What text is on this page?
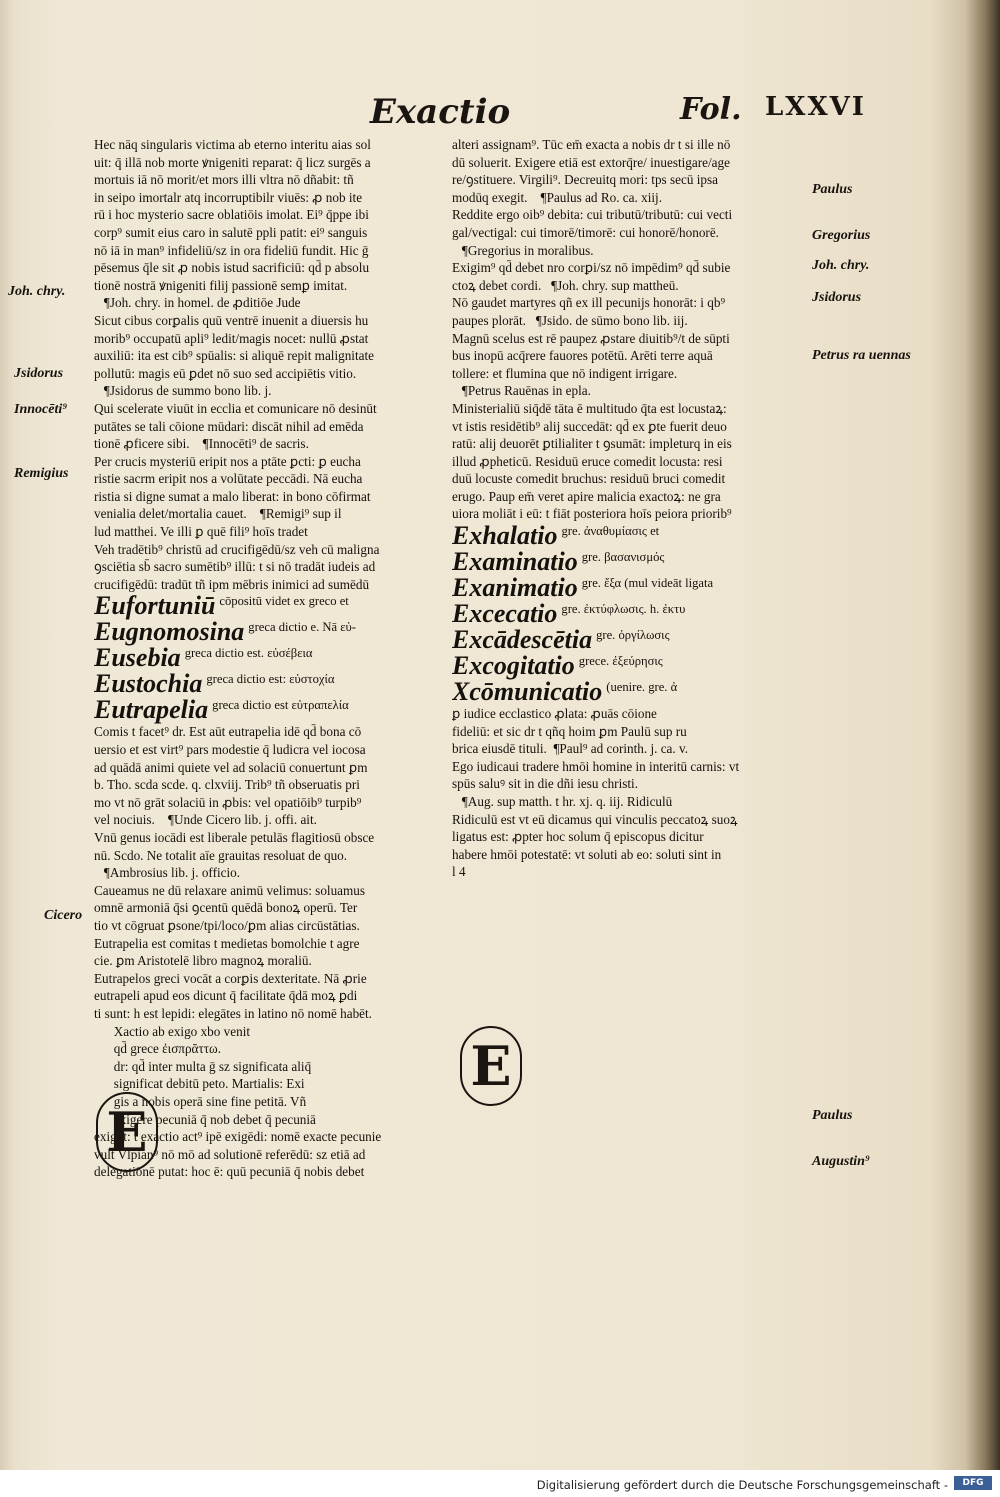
Exactio	Fol. LXXVI
Hec nāq singularis victima ab eterno interitu aias sol
uit: q̄ illā nob morte ꝟnigeniti reparat: q̄ licz surgēs a
mortuis iā nō morit/et mors illi vltra nō dñabit: tñ
in seipo imortalr atq incorruptibilr viuēs: ꝓ nob ite
rū i hoc mysterio sacre oblatiōis imolat. Ei⁹ q̄ppe ibi
corp⁹ sumit eius caro in salutē ppli patit: ei⁹ sanguis
nō iā in man⁹ infideliū/sz in ora fideliū fundit. Hic ḡ
pēsemus q̄le sit ꝓ nobis istud sacrificiū: qd̄ p absolu
tionē nostrā ꝟnigeniti filij passionē semꝑ imitat.
¶Joh. chry. in homel. de ꝓditiōe Jude
Sicut cibus corꝑalis quū ventrē inuenit a diuersis hu
morib⁹ occupatū apli⁹ ledit/magis nocet: nullū ꝓstat
auxiliū: ita est cib⁹ spūalis: si aliquē repit malignitate
pollutū: magis eū ꝑdet nō suo sed accipiētis vitio.
¶Jsidorus de summo bono lib. j.
Qui scelerate viuūt in ecclia et comunicare nō desinūt
putātes se tali cōione mūdari: discāt nihil ad emēda
tionē ꝓficere sibi.    ¶Innocēti⁹ de sacris.
Per crucis mysteriū eripit nos a ptāte ꝑcti: ꝑ eucha
ristie sacrm eripit nos a volūtate peccādi. Nā eucha
ristia si digne sumat a malo liberat: in bono cōfirmat
venialia delet/mortalia cauet.    ¶Remigi⁹ sup il
lud matthei. Ve illi ꝑ quē fili⁹ hoīs tradet
Veh tradētib⁹ christū ad crucifigēdū/sz veh cū maligna
ꝯsciētia sb̄ sacro sumētib⁹ illū: t si nō tradāt iudeis ad
crucifigēdū: tradūt tñ ipm mēbris inimici ad sumēdū
Eufortuniū cōpositū videt ex greco et
Eugnomosina greca dictio e. Nā εὐ-
Eusebia greca dictio est. εὐσέβεια
Eustochia greca dictio est: εὐστοχία
Eutrapelia greca dictio est εὐτραπελία
Comis t facet⁹ dr. Est aūt eutrapelia idē qd̄ bona cō
uersio et est virt⁹ pars modestie q̄ ludicra vel iocosa
ad quādā animi quiete vel ad solaciū conuertunt ꝑm
b. Tho. scda scde. q. clxviij. Trib⁹ tñ obseruatis pri
mo vt nō grāt solaciū in ꝓbis: vel opatiōib⁹ turpib⁹
vel nociuis.    ¶Unde Cicero lib. j. offi. ait.
Vnū genus iocādi est liberale petulās flagitiosū obsce
nū. Scdo. Ne totalit aīe grauitas resoluat de quo.
¶Ambrosius lib. j. officio.
Caueamus ne dū relaxare animū velimus: soluamus
omnē armoniā q̄si ꝯcentū quēdā bonoꝝ operū. Ter
tio vt cōgruat ꝑsone/tpi/loco/ꝑm alias circūstātias.
Eutrapelia est comitas t medietas bomolchie t agre
cie. ꝑm Aristotelē libro magnoꝝ moraliū.
Eutrapelos greci vocāt a corꝑis dexteritate. Nā ꝓrie
eutrapeli apud eos dicunt q̄ facilitate q̄dā moꝝ ꝑdi
ti sunt: h est lepidi: elegātes in latino nō nomē habēt.
Xactio ab exigo xbo venit
qd̄ grece ἐισπρᾶττω.
dr: qd̄ inter multa ḡ sz significata aliq̄
significat debitū peto. Martialis: Exi
gis a nobis operā sine fine petitā. Vñ
exigere pecuniā q̄ nob debet q̄ pecuniā
exigūt: t exactio act⁹ ipē exigēdi: nomē exacte pecunie
vult Vlpian⁹ nō mō ad solutionē referēdū: sz etiā ad
delegatiōnē putat: hoc ē: quū pecuniā q̄ nobis debet
alteri assignam⁹. Tūc em̄ exacta a nobis dr t si ille nō
dū soluerit. Exigere etiā est extorq̄re/ inuestigare/age
re/ꝯstituere. Virgili⁹. Decreuitq mori: tps secū ipsa
modūq exegit.    ¶Paulus ad Ro. ca. xiij.
Reddite ergo oib⁹ debita: cui tributū/tributū: cui vecti
gal/vectigal: cui timorē/timorē: cui honorē/honorē.
¶Gregorius in moralibus.
Exigim⁹ qd̄ debet nro corꝑi/sz nō impēdim⁹ qd̄ subie
ctoꝝ debet cordi.   ¶Joh. chry. sup mattheū.
Nō gaudet martyres qñ ex ill pecunijs honorāt: i qb⁹
paupes plorāt.   ¶Jsido. de sūmo bono lib. iij.
Magnū scelus est rē paupez ꝓstare diuitib⁹/t de sūpti
bus inopū acq̄rere fauores potētū. Arēti terre aquā
tollere: et flumina que nō indigent irrigare.
¶Petrus Rauēnas in epla.
Ministerialiū siq̄dē tāta ē multitudo q̄ta est locustaꝝ:
vt istis residētib⁹ alij succedāt: qd̄ ex ꝑte fuerit deuo
ratū: alij deuorēt ꝑtilialiter t ꝯsumāt: impleturq in eis
illud ꝓpheticū. Residuū eruce comedit locusta: resi
duū locuste comedit bruchus: residuū bruci comedit
erugo. Paup em̄ veret apire malicia exactoꝝ: ne gra
uiora moliāt i eū: t fiāt posteriora hoīs peiora priorib⁹
Exhalatio gre. ἀναθυμίασις et
Examinatio gre. βασανισμός
Exanimatio gre. ἔξα (mul videāt ligata
Excecatio gre. ἐκτύφλωσις. h. ἐκτυ
Excādescētia gre. ὀργίλωσις
Excogitatio grece. ἐξεύρησις
Xcōmunicatio (uenire. gre. ἀ
ꝑ iudice ecclastico ꝓlata: ꝓuās cōione
fideliū: et sic dr t qñq hoim ꝑm Paulū sup ru
brica eiusdē tituli.  ¶Paul⁹ ad corinth. j. ca. v.
Ego iudicaui tradere hmōi homine in interitū carnis: vt
spūs saluꝰ sit in die dñi iesu christi.
¶Aug. sup matth. t hr. xj. q. iij. Ridiculū
Ridiculū est vt eū dicamus qui vinculis peccatoꝝ suoꝝ
ligatus est: ꝓpter hoc solum q̄ episcopus dicitur
habere hmōi potestatē: vt soluti ab eo: soluti sint in
l 4
E
E
Joh. chry.
Jsidorus
Innocēti⁹
Remigius
Cicero
Paulus
Gregorius
Joh. chry.
Jsidorus
Petrus ra uennas
Paulus
Augustin⁹
Digitalisierung gefördert durch die Deutsche Forschungsgemeinschaft -	DFG
